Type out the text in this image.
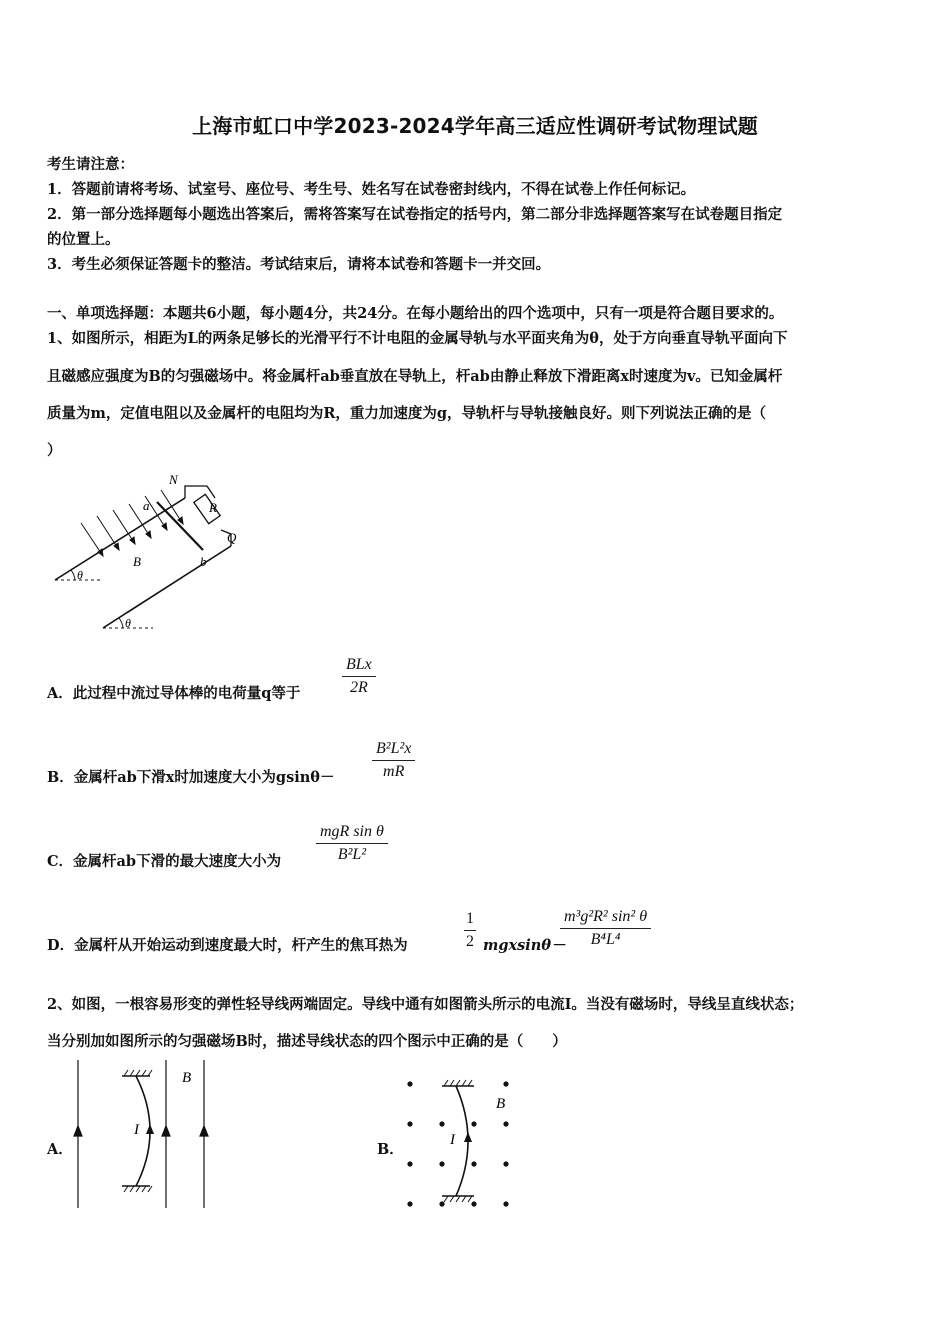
上海市虹口中学2023-2024学年高三适应性调研考试物理试题
考生请注意：
1．答题前请将考场、试室号、座位号、考生号、姓名写在试卷密封线内，不得在试卷上作任何标记。
2．第一部分选择题每小题选出答案后，需将答案写在试卷指定的括号内，第二部分非选择题答案写在试卷题目指定
的位置上。
3．考生必须保证答题卡的整洁。考试结束后，请将本试卷和答题卡一并交回。
一、单项选择题：本题共6小题，每小题4分，共24分。在每小题给出的四个选项中，只有一项是符合题目要求的。
1、如图所示，相距为L的两条足够长的光滑平行不计电阻的金属导轨与水平面夹角为θ，处于方向垂直导轨平面向下
且磁感应强度为B的匀强磁场中。将金属杆ab垂直放在导轨上，杆ab由静止释放下滑距离x时速度为v。已知金属杆
质量为m，定值电阻以及金属杆的电阻均为R，重力加速度为g，导轨杆与导轨接触良好。则下列说法正确的是（
）
N
R
a
Q
B	b
θ
θ
A．此过程中流过导体棒的电荷量q等于
BLx
2R
B．金属杆ab下滑x时加速度大小为gsinθ－
B²L²x
mR
C．金属杆ab下滑的最大速度大小为
mgR sin θ
B²L²
D．金属杆从开始运动到速度最大时，杆产生的焦耳热为
1
2 mgxsinθ－
m³g²R² sin² θ
B⁴L⁴
2、如图，一根容易形变的弹性轻导线两端固定。导线中通有如图箭头所示的电流I。当没有磁场时，导线呈直线状态；
当分别加如图所示的匀强磁场B时，描述导线状态的四个图示中正确的是（　　）
A．
I
B
B．
I
B
